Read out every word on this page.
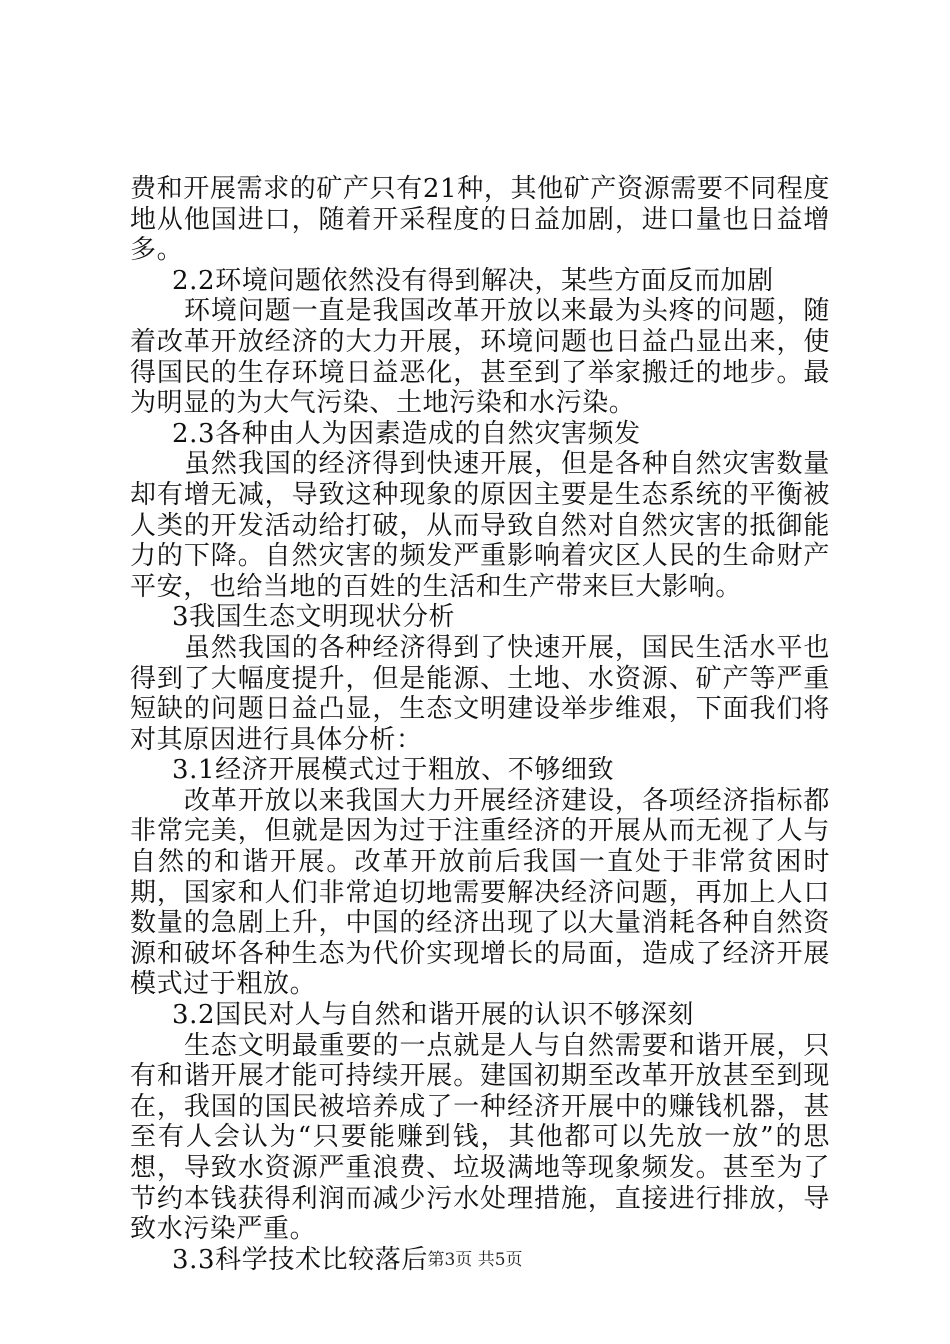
费和开展需求的矿产只有21种，其他矿产资源需要不同程度地从他国进口，随着开采程度的日益加剧，进口量也日益增多。

2.2环境问题依然没有得到解决，某些方面反而加剧

环境问题一直是我国改革开放以来最为头疼的问题，随着改革开放经济的大力开展，环境问题也日益凸显出来，使得国民的生存环境日益恶化，甚至到了举家搬迁的地步。最为明显的为大气污染、土地污染和水污染。

2.3各种由人为因素造成的自然灾害频发

虽然我国的经济得到快速开展，但是各种自然灾害数量却有增无减，导致这种现象的原因主要是生态系统的平衡被人类的开发活动给打破，从而导致自然对自然灾害的抵御能力的下降。自然灾害的频发严重影响着灾区人民的生命财产平安，也给当地的百姓的生活和生产带来巨大影响。

3我国生态文明现状分析

虽然我国的各种经济得到了快速开展，国民生活水平也得到了大幅度提升，但是能源、土地、水资源、矿产等严重短缺的问题日益凸显，生态文明建设举步维艰，下面我们将对其原因进行具体分析：

3.1经济开展模式过于粗放、不够细致

改革开放以来我国大力开展经济建设，各项经济指标都非常完美，但就是因为过于注重经济的开展从而无视了人与自然的和谐开展。改革开放前后我国一直处于非常贫困时期，国家和人们非常迫切地需要解决经济问题，再加上人口数量的急剧上升，中国的经济出现了以大量消耗各种自然资源和破坏各种生态为代价实现增长的局面，造成了经济开展模式过于粗放。

3.2国民对人与自然和谐开展的认识不够深刻

生态文明最重要的一点就是人与自然需要和谐开展，只有和谐开展才能可持续开展。建国初期至改革开放甚至到现在，我国的国民被培养成了一种经济开展中的赚钱机器，甚至有人会认为“只要能赚到钱，其他都可以先放一放”的思想，导致水资源严重浪费、垃圾满地等现象频发。甚至为了节约本钱获得利润而减少污水处理措施，直接进行排放，导致水污染严重。

3.3科学技术比较落后 第3页 共5页
